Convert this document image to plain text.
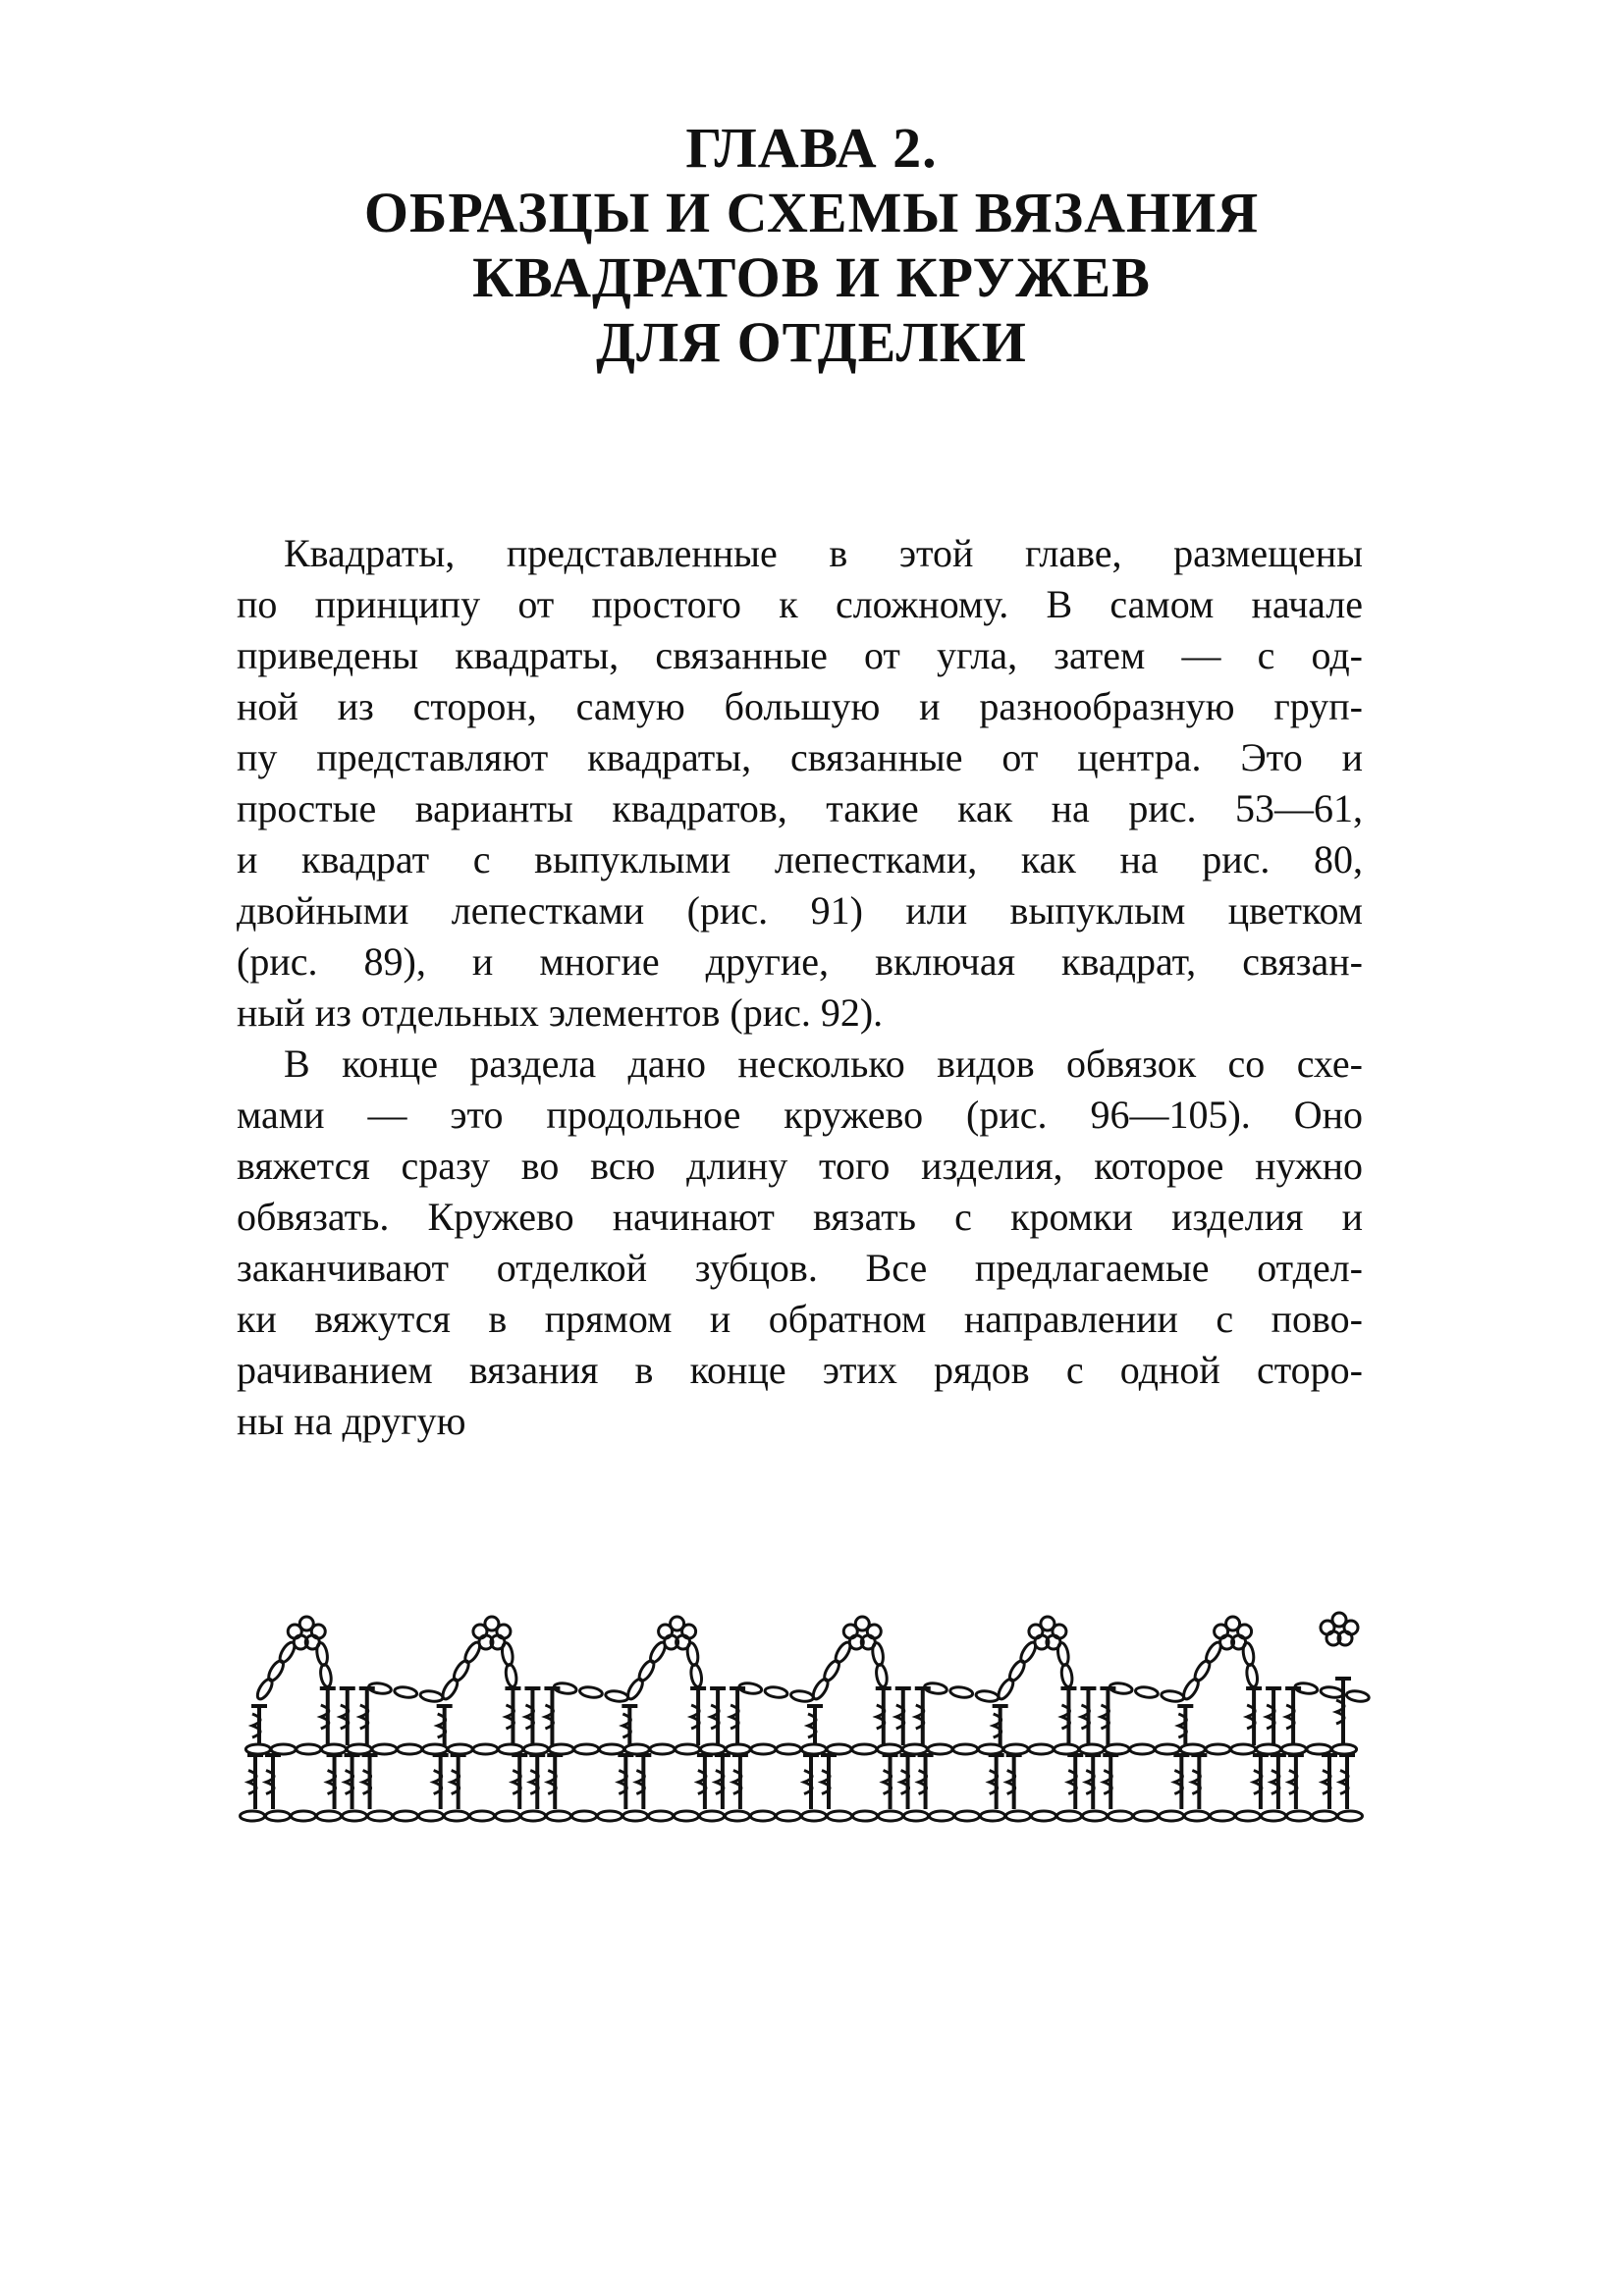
ГЛАВА 2.
ОБРАЗЦЫ И СХЕМЫ ВЯЗАНИЯ
КВАДРАТОВ И КРУЖЕВ
ДЛЯ ОТДЕЛКИ
Квадраты, представленные в этой главе, размещены
по принципу от простого к сложному. В самом начале
приведены квадраты, связанные от угла, затем — с од-
ной из сторон, самую большую и разнообразную груп-
пу представляют квадраты, связанные от центра. Это и
простые варианты квадратов, такие как на рис. 53—61,
и квадрат с выпуклыми лепестками, как на рис. 80,
двойными лепестками (рис. 91) или выпуклым цветком
(рис. 89), и многие другие, включая квадрат, связан-
ный из отдельных элементов (рис. 92).
В конце раздела дано несколько видов обвязок со схе-
мами — это продольное кружево (рис. 96—105). Оно
вяжется сразу во всю длину того изделия, которое нужно
обвязать. Кружево начинают вязать с кромки изделия и
заканчивают отделкой зубцов. Все предлагаемые отдел-
ки вяжутся в прямом и обратном направлении с пово-
рачиванием вязания в конце этих рядов с одной сторо-
ны на другую
